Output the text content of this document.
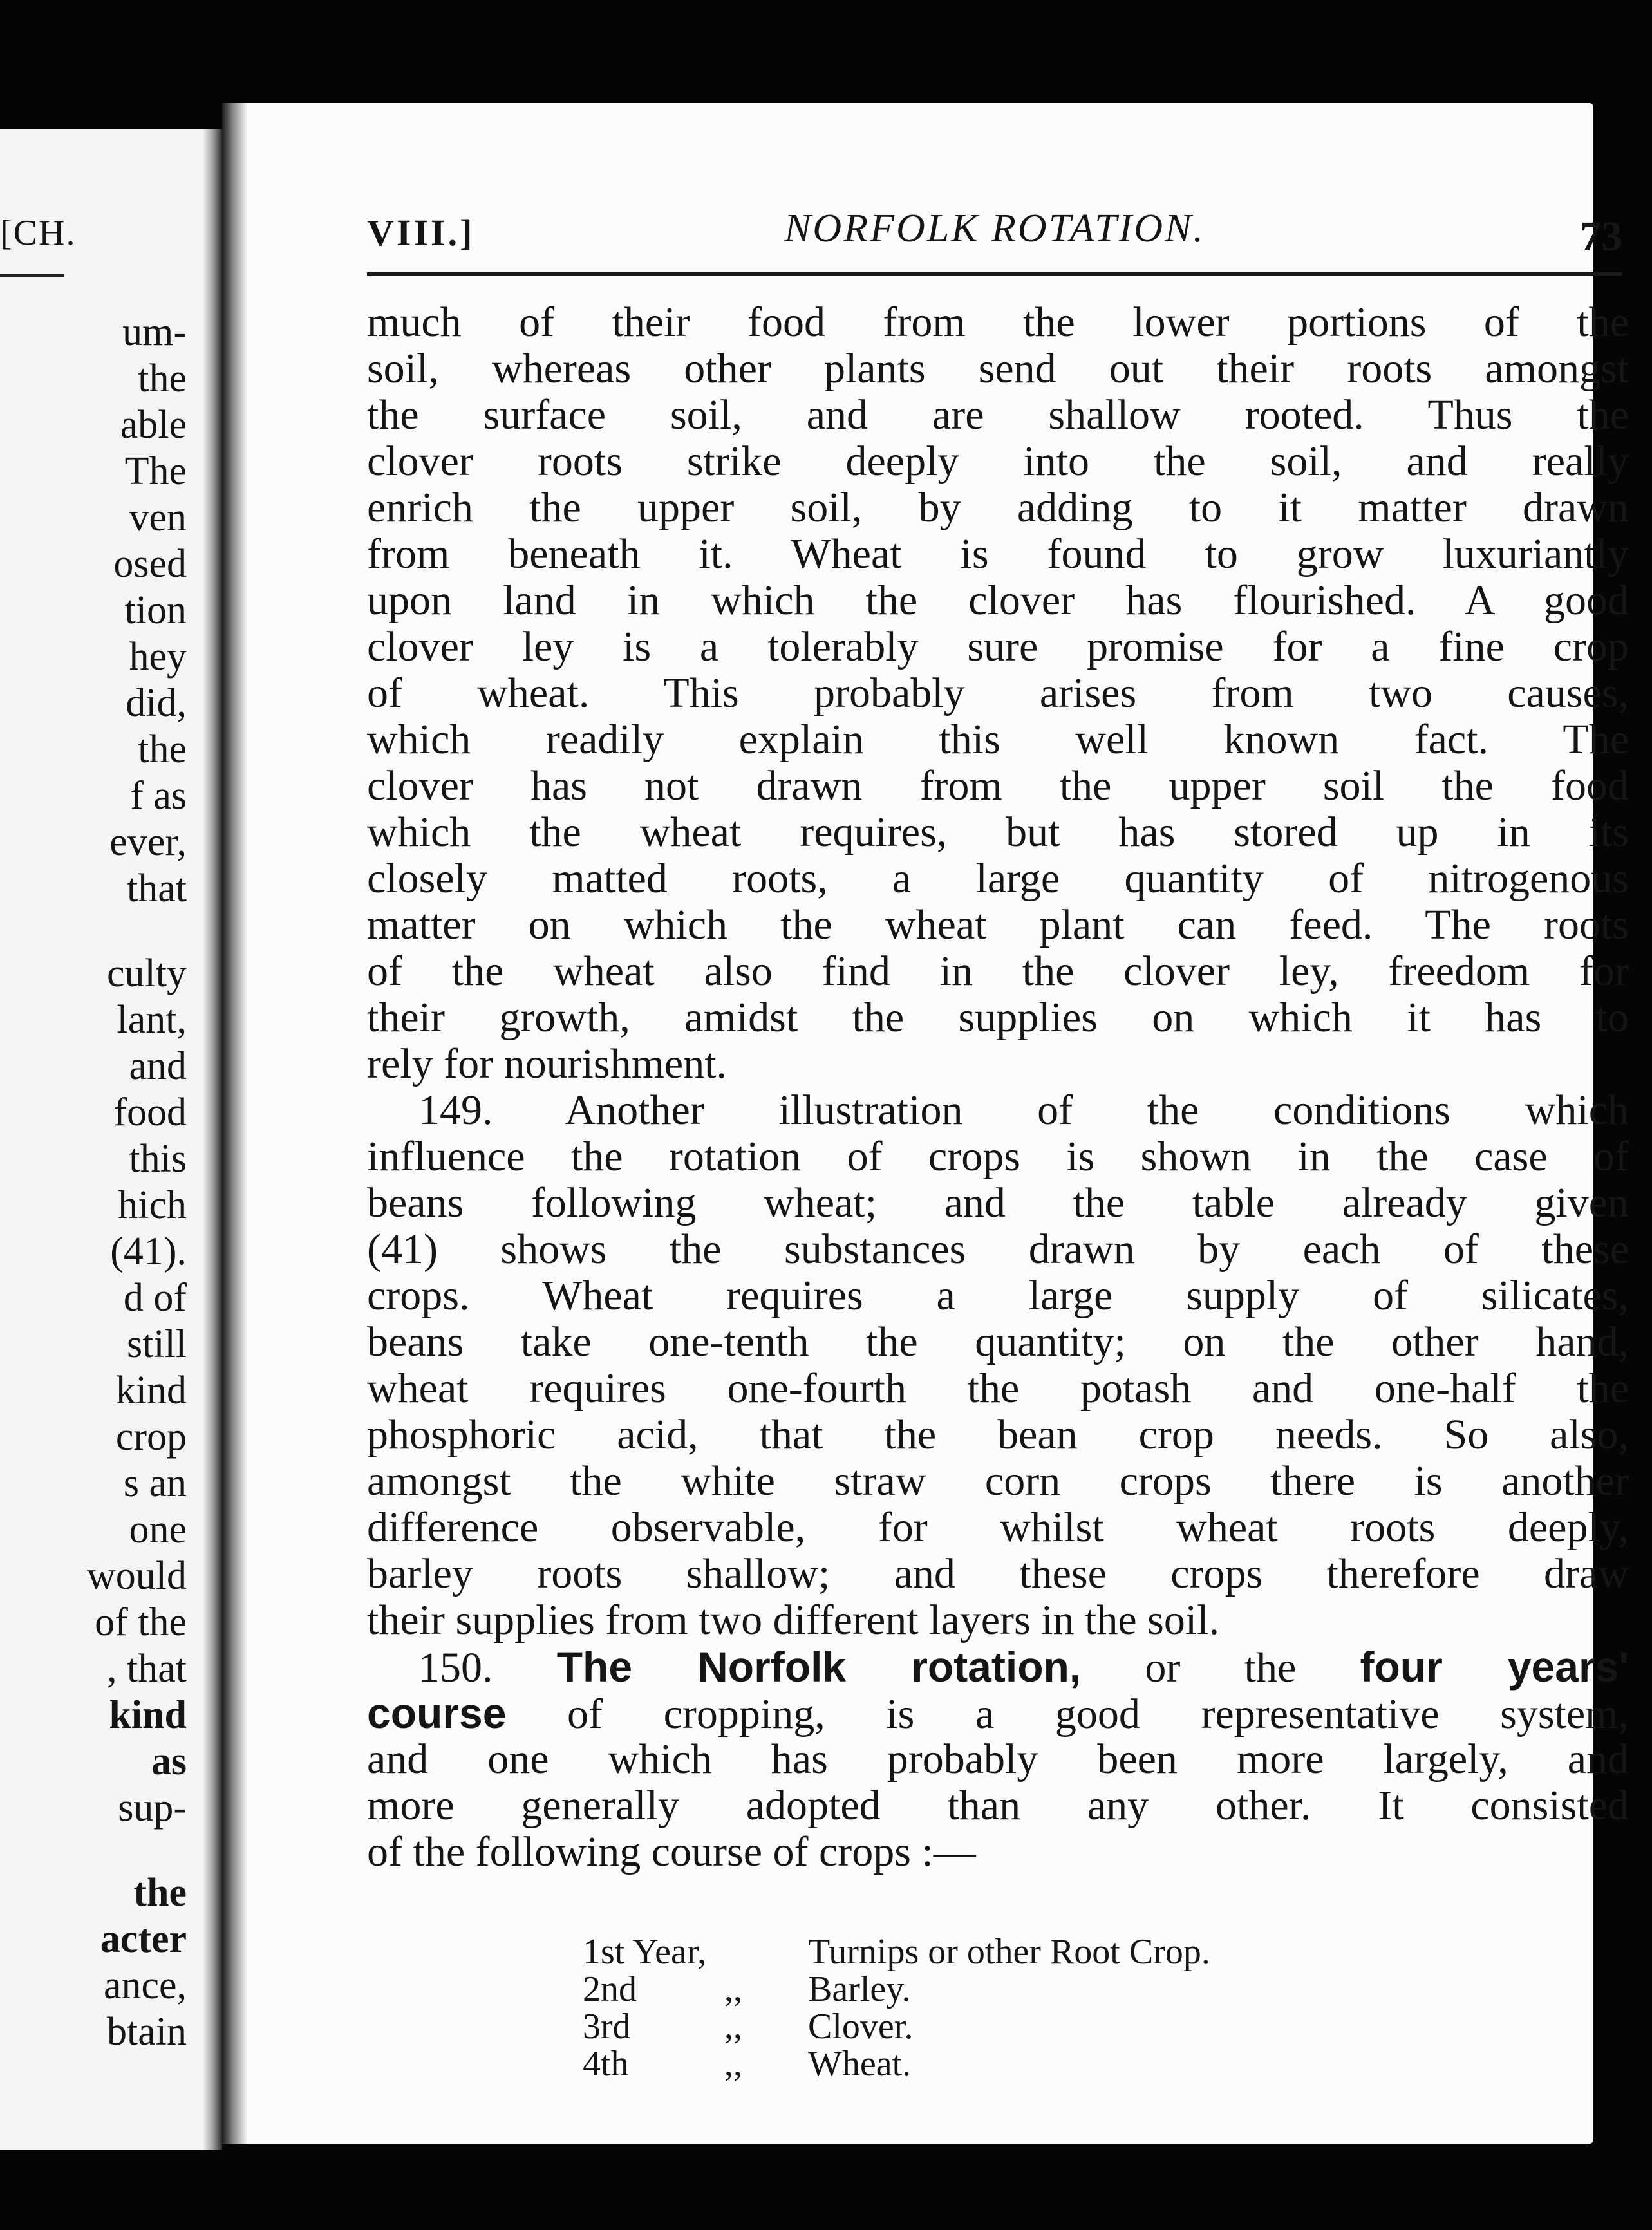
[CH.
um-
the
able
The
ven
osed
tion
hey
did,
the
f as
ever,
that
culty
lant,
and
food
this
hich
(41).
d of
still
kind
crop
s an
one
would
of the
, that
kind
as
sup-
the
acter
ance,
btain
VIII.]	NORFOLK ROTATION.	73
much of their food from the lower portions of the
soil, whereas other plants send out their roots amongst
the surface soil, and are shallow rooted. Thus the
clover roots strike deeply into the soil, and really
enrich the upper soil, by adding to it matter drawn
from beneath it. Wheat is found to grow luxuriantly
upon land in which the clover has flourished. A good
clover ley is a tolerably sure promise for a fine crop
of wheat. This probably arises from two causes,
which readily explain this well known fact. The
clover has not drawn from the upper soil the food
which the wheat requires, but has stored up in its
closely matted roots, a large quantity of nitrogenous
matter on which the wheat plant can feed. The roots
of the wheat also find in the clover ley, freedom for
their growth, amidst the supplies on which it has to
rely for nourishment.
149. Another illustration of the conditions which
influence the rotation of crops is shown in the case of
beans following wheat; and the table already given
(41) shows the substances drawn by each of these
crops. Wheat requires a large supply of silicates,
beans take one-tenth the quantity; on the other hand,
wheat requires one-fourth the potash and one-half the
phosphoric acid, that the bean crop needs. So also,
amongst the white straw corn crops there is another
difference observable, for whilst wheat roots deeply,
barley roots shallow; and these crops therefore draw
their supplies from two different layers in the soil.
150. The Norfolk rotation, or the four years'
course of cropping, is a good representative system,
and one which has probably been more largely, and
more generally adopted than any other. It consisted
of the following course of crops :—
1st Year,	Turnips or other Root Crop.
2nd	,,	Barley.
3rd	,,	Clover.
4th	,,	Wheat.
